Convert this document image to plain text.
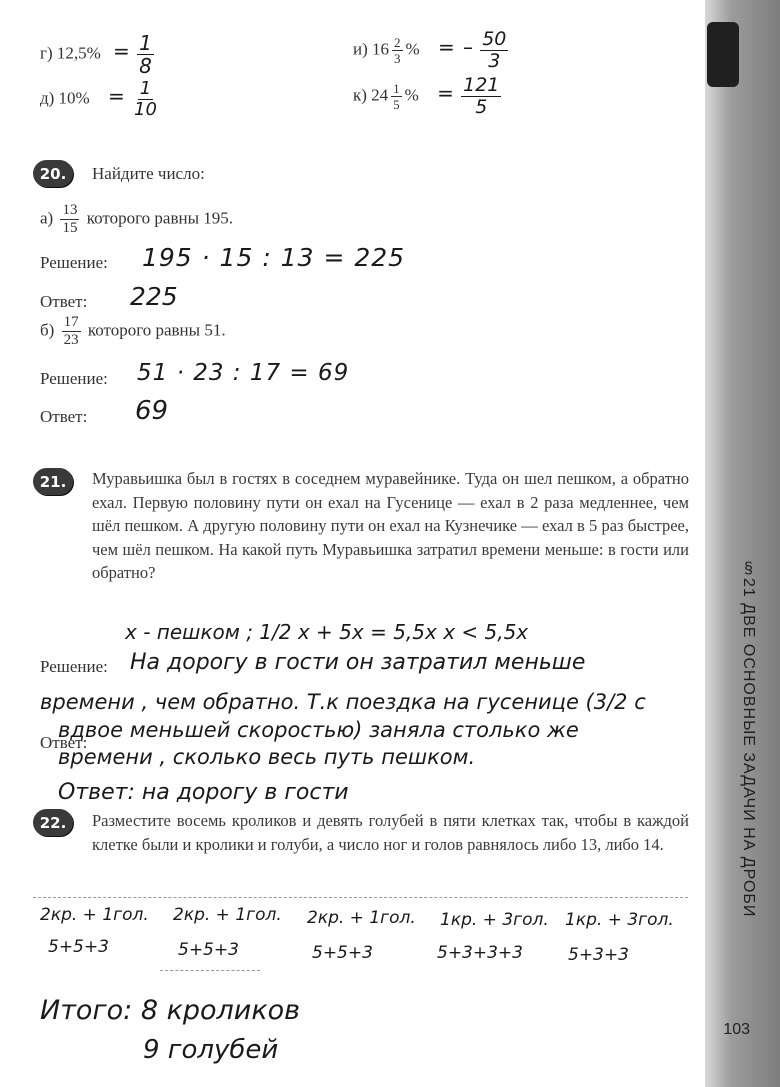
§21 ДВЕ ОСНОВНЫЕ ЗАДАЧИ НА ДРОБИ
г) $12,5\% = \frac{1}{8}$
д) $10\% = \frac{1}{10}$
и) $16 \frac{2}{3}$ % = – $\frac{50}{3}$
к) $24 \frac{1}{5}$ % = $\frac{121}{5}$
20.	Найдите число:
$а) \frac{13}{15}$ которого равны 195.
Решение: 195 · 15 : 13 = 225
Ответ: 225
$б) \frac{17}{23}$ которого равны 51.
Решение: 51 · 23 : 17 = 69
Ответ: 69
21.	Муравьишка был в гостях в соседнем муравейнике. Туда он шел пешком, а обратно ехал. Первую половину пути он ехал на Гусенице — ехал в 2 раза медленнее, чем шёл пешком. А другую половину пути он ехал на Кузнечике — ехал в 5 раз быстрее, чем шёл пешком. На какой путь Муравьишка затратил времени меньше: в гости или обратно?
x - пешком ; 1/2 x + 5x = 5,5x x < 5,5x
Решение: На дорогу в гости он затратил меньше
времени , чем обратно. Т.к поездка на гусенице (3/2 с
Ответ:
вдвое меньшей скоростью) заняла столько же
времени , сколько весь путь пешком.
Ответ: на дорогу в гости
22.	Разместите восемь кроликов и девять голубей в пяти клетках так, чтобы в каждой клетке были и кролики и голуби, а число ног и голов равнялось либо 13, либо 14.
2кр. + 1гол.
5+5+3
2кр. + 1гол.
5+5+3
2кр. + 1гол.
5+5+3
1кр. + 3гол.
5+3+3+3
1кр. + 3гол.
5+3+3
Итого: 8 кроликов
9 голубей
103
